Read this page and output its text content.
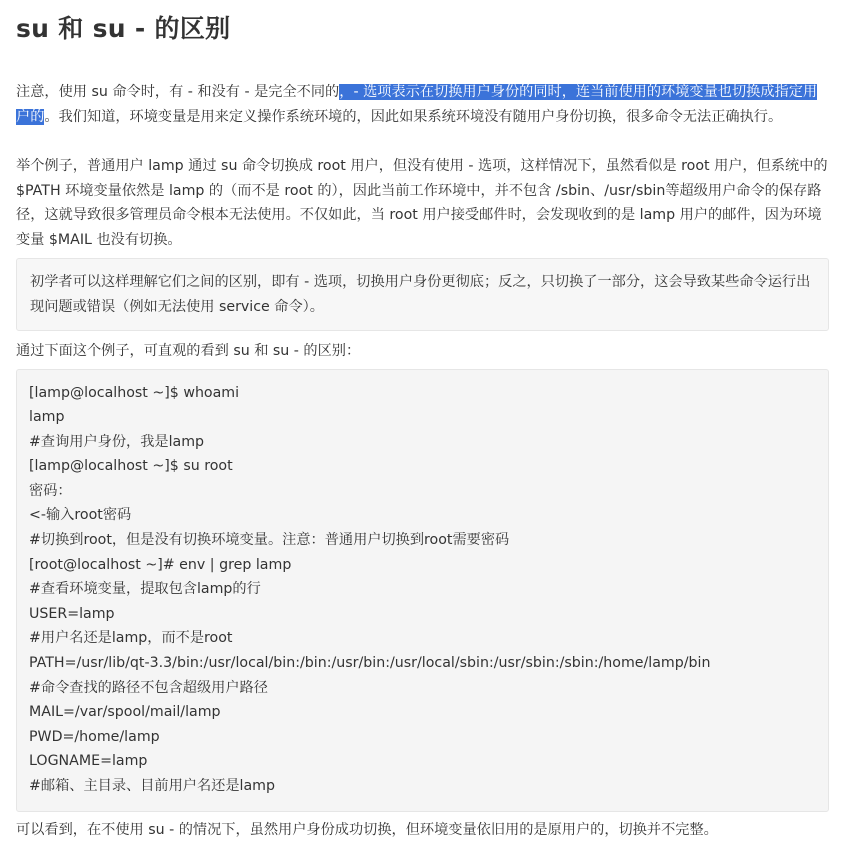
su 和 su - 的区别

注意，使用 su 命令时，有 - 和没有 - 是完全不同的，- 选项表示在切换用户身份的同时，连当前使用的环境变量也切换成指定用户的。我们知道，环境变量是用来定义操作系统环境的，因此如果系统环境没有随用户身份切换，很多命令无法正确执行。

举个例子，普通用户 lamp 通过 su 命令切换成 root 用户，但没有使用 - 选项，这样情况下，虽然看似是 root 用户，但系统中的 $PATH 环境变量依然是 lamp 的（而不是 root 的），因此当前工作环境中，并不包含 /sbin、/usr/sbin等超级用户命令的保存路径，这就导致很多管理员命令根本无法使用。不仅如此，当 root 用户接受邮件时，会发现收到的是 lamp 用户的邮件，因为环境变量 $MAIL 也没有切换。

初学者可以这样理解它们之间的区别，即有 - 选项，切换用户身份更彻底；反之，只切换了一部分，这会导致某些命令运行出现问题或错误（例如无法使用 service 命令）。

通过下面这个例子，可直观的看到 su 和 su - 的区别：

[lamp@localhost ~]$ whoami
lamp
#查询用户身份，我是lamp
[lamp@localhost ~]$ su root
密码：
<-输入root密码
#切换到root，但是没有切换环境变量。注意：普通用户切换到root需要密码
[root@localhost ~]# env | grep lamp
#查看环境变量，提取包含lamp的行
USER=lamp
#用户名还是lamp，而不是root
PATH=/usr/lib/qt-3.3/bin:/usr/local/bin:/bin:/usr/bin:/usr/local/sbin:/usr/sbin:/sbin:/home/lamp/bin
#命令查找的路径不包含超级用户路径
MAIL=/var/spool/mail/lamp
PWD=/home/lamp
LOGNAME=lamp
#邮箱、主目录、目前用户名还是lamp

可以看到，在不使用 su - 的情况下，虽然用户身份成功切换，但环境变量依旧用的是原用户的，切换并不完整。
